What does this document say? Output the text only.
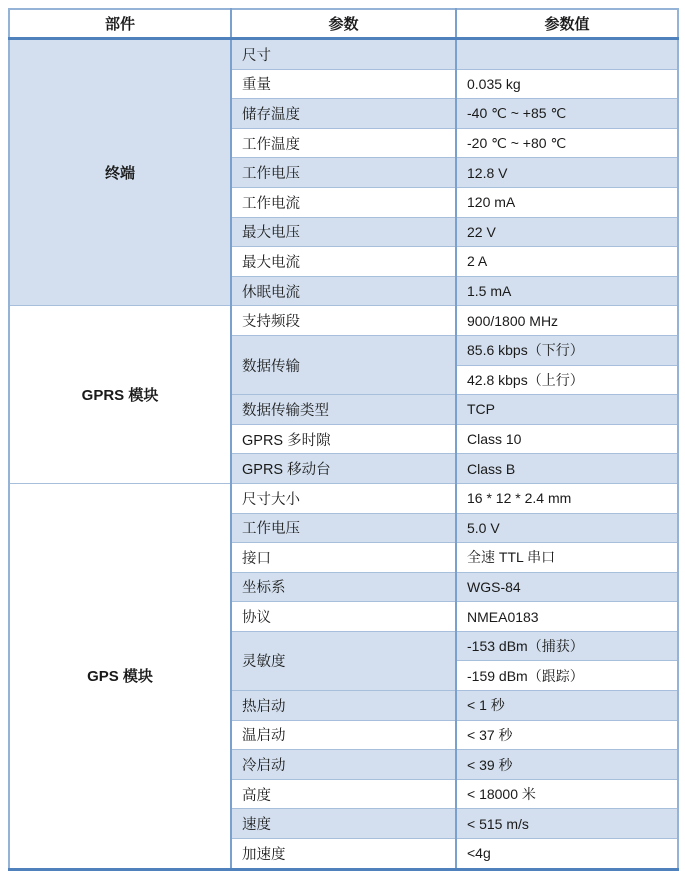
部件	参数	参数值
终端	尺寸	
	重量	0.035 kg
	储存温度	-40 ℃ ~ +85 ℃
	工作温度	-20 ℃ ~ +80 ℃
	工作电压	12.8 V
	工作电流	120 mA
	最大电压	22 V
	最大电流	2 A
	休眠电流	1.5 mA
GPRS 模块	支持频段	900/1800 MHz
	数据传输	85.6 kbps（下行）
		42.8 kbps（上行）
	数据传输类型	TCP
	GPRS 多时隙	Class 10
	GPRS 移动台	Class B
GPS 模块	尺寸大小	16 * 12 * 2.4 mm
	工作电压	5.0 V
	接口	全速 TTL 串口
	坐标系	WGS-84
	协议	NMEA0183
	灵敏度	-153 dBm（捕获）
		-159 dBm（跟踪）
	热启动	< 1 秒
	温启动	< 37 秒
	冷启动	< 39 秒
	高度	< 18000 米
	速度	< 515 m/s
	加速度	<4g
